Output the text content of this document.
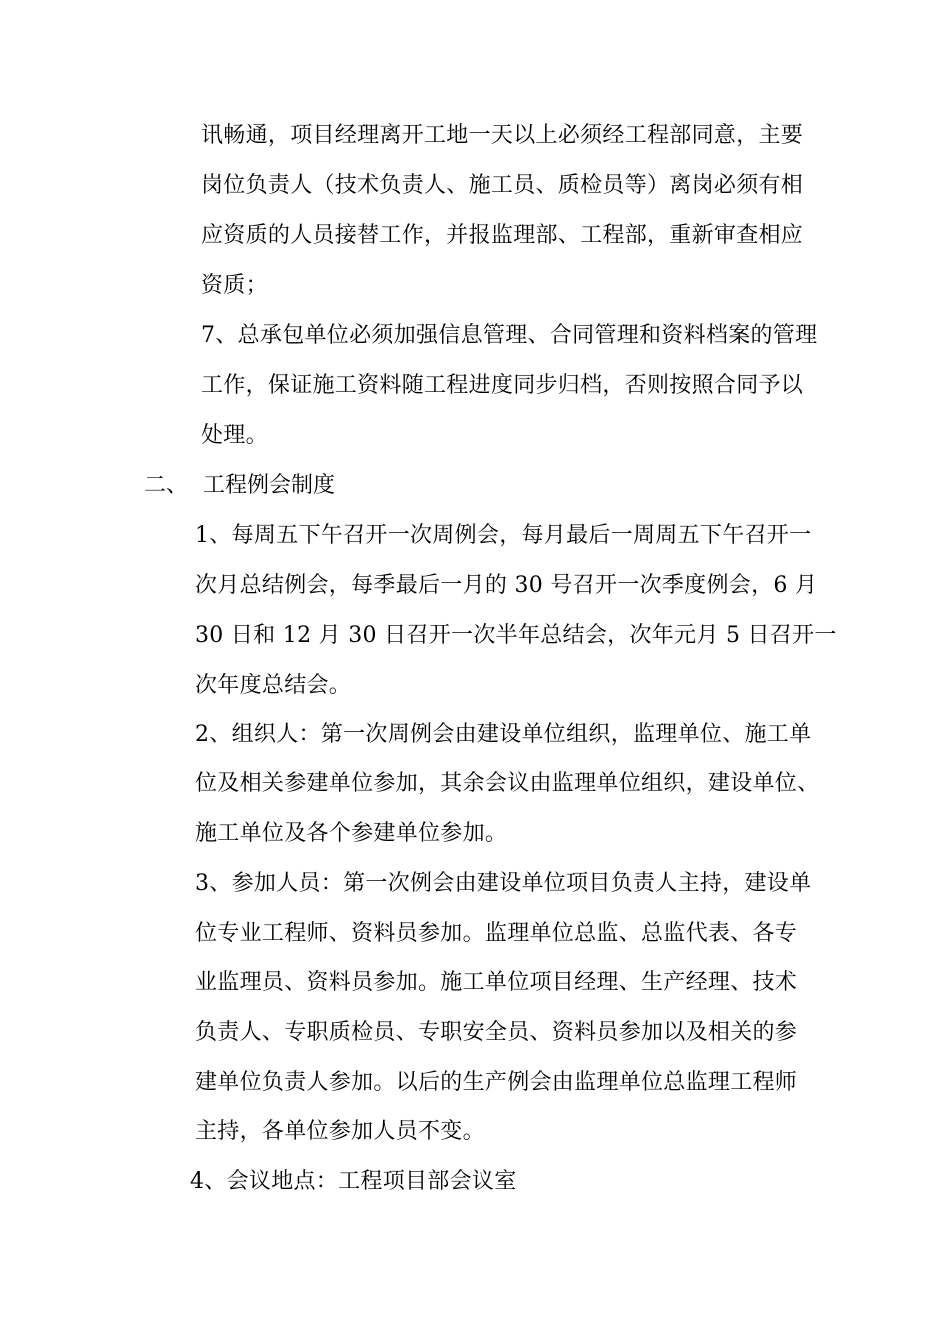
讯畅通，项目经理离开工地一天以上必须经工程部同意，主要
岗位负责人（技术负责人、施工员、质检员等）离岗必须有相
应资质的人员接替工作，并报监理部、工程部，重新审查相应
资质；
7、总承包单位必须加强信息管理、合同管理和资料档案的管理
工作，保证施工资料随工程进度同步归档，否则按照合同予以
处理。
二、 工程例会制度
1、每周五下午召开一次周例会，每月最后一周周五下午召开一
次月总结例会，每季最后一月的 30 号召开一次季度例会，6 月
30 日和 12 月 30 日召开一次半年总结会，次年元月 5 日召开一
次年度总结会。
2、组织人：第一次周例会由建设单位组织，监理单位、施工单
位及相关参建单位参加，其余会议由监理单位组织，建设单位、
施工单位及各个参建单位参加。
3、参加人员：第一次例会由建设单位项目负责人主持，建设单
位专业工程师、资料员参加。监理单位总监、总监代表、各专
业监理员、资料员参加。施工单位项目经理、生产经理、技术
负责人、专职质检员、专职安全员、资料员参加以及相关的参
建单位负责人参加。以后的生产例会由监理单位总监理工程师
主持，各单位参加人员不变。
4、会议地点：工程项目部会议室
